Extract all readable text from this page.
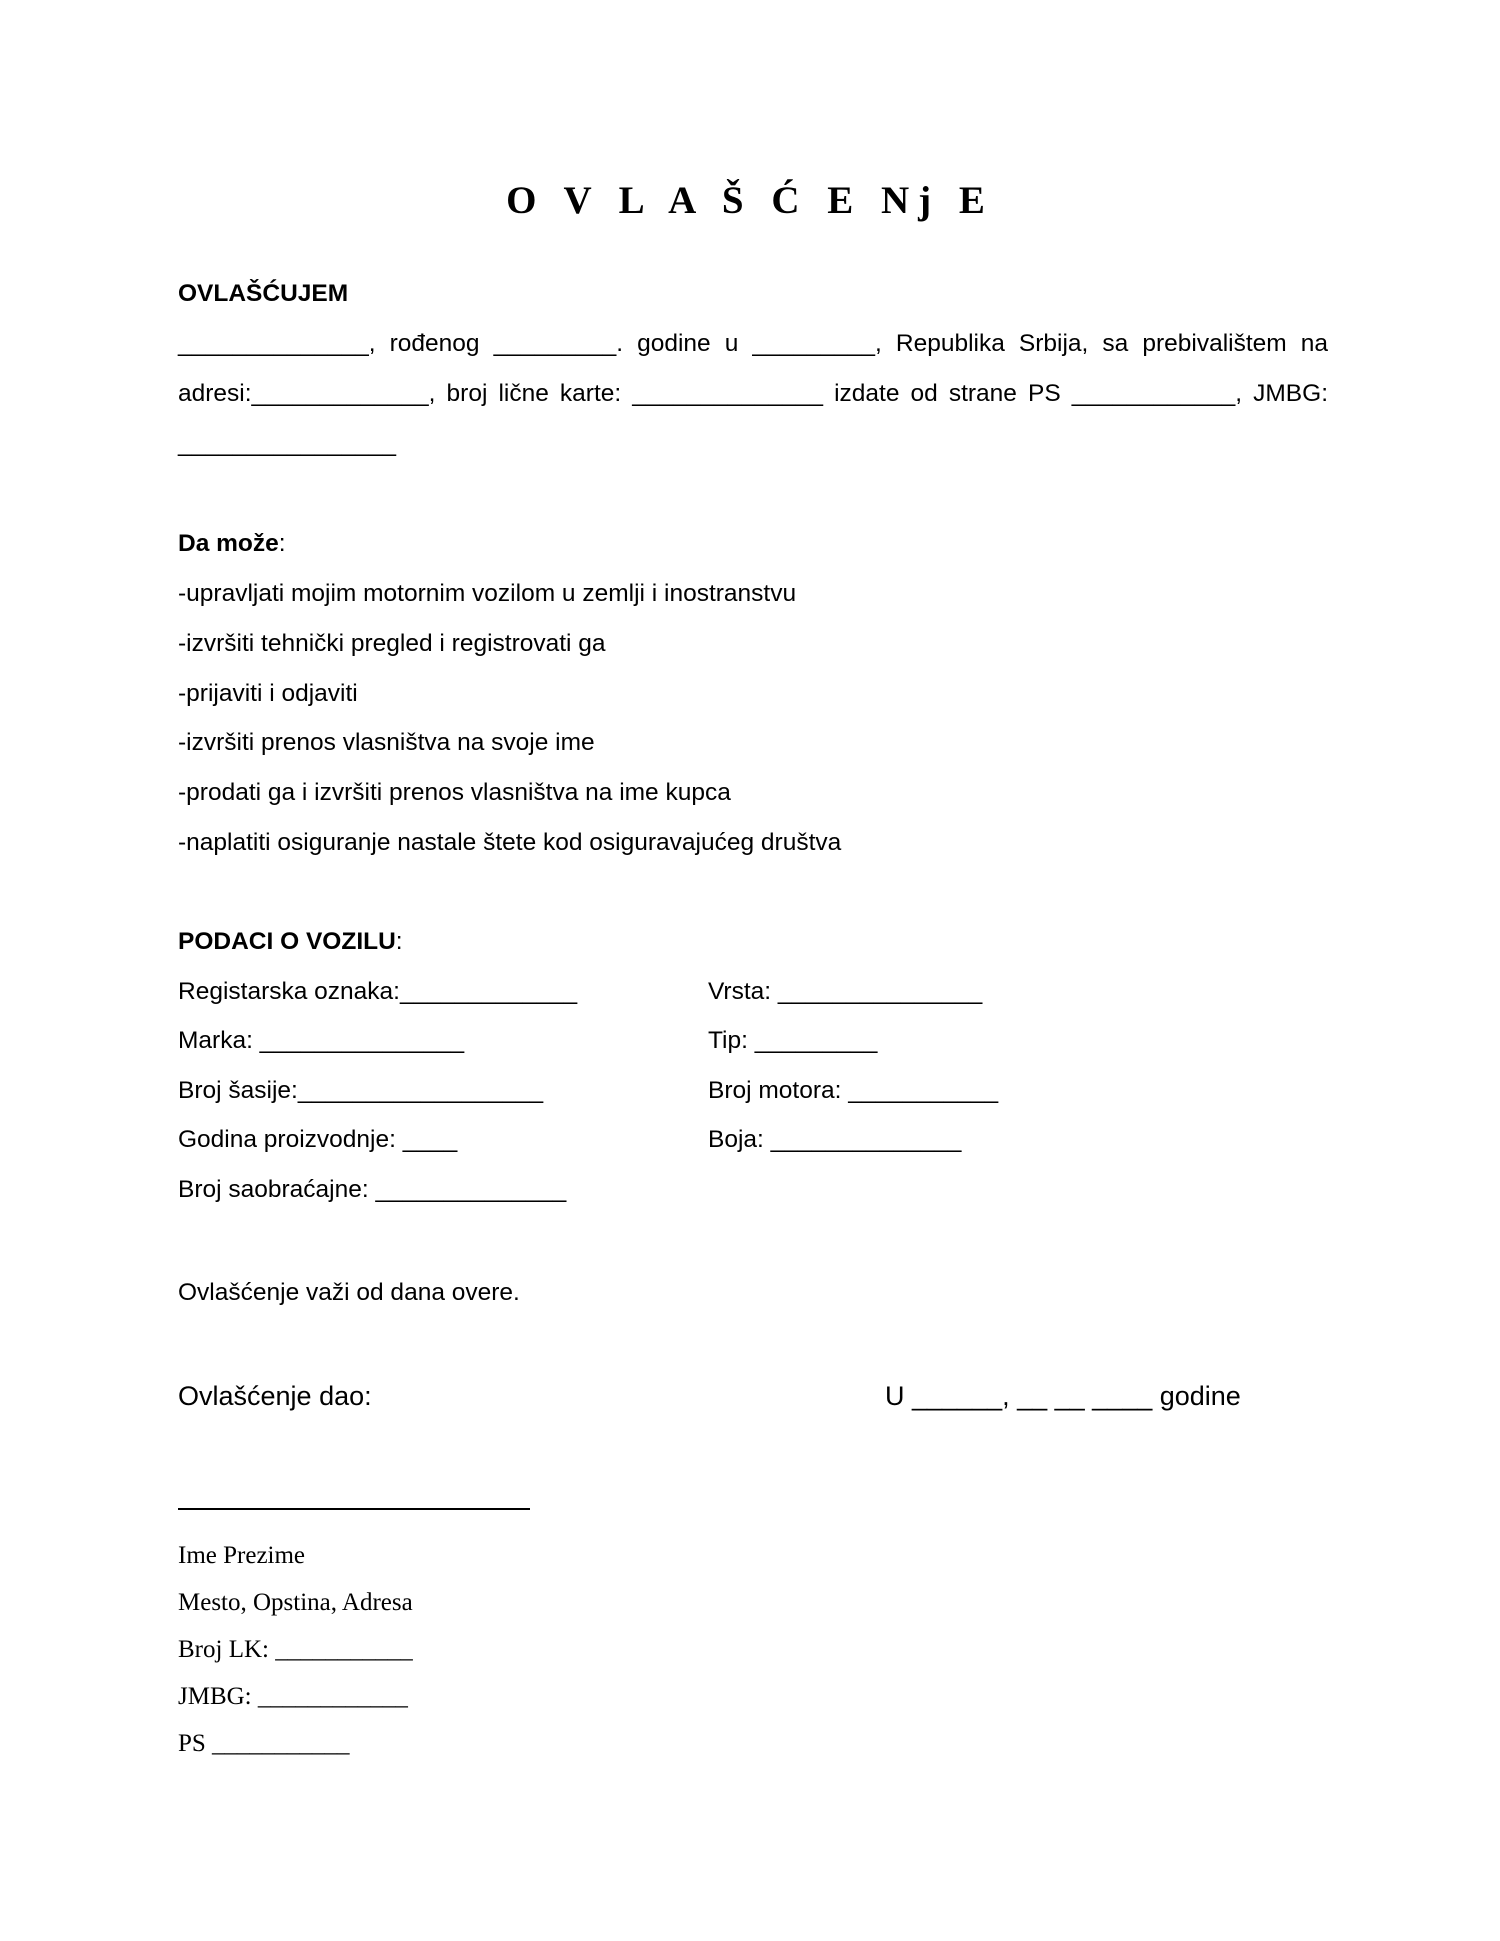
O V L A Š Ć E Nj E
OVLAŠĆUJEM
______________, rođenog _________. godine u _________, Republika Srbija, sa prebivalištem na
adresi:_____________, broj lične karte: ______________ izdate od strane PS ____________, JMBG:
________________
Da može:
-upravljati mojim motornim vozilom u zemlji i inostranstvu
-izvršiti tehnički pregled i registrovati ga
-prijaviti i odjaviti
-izvršiti prenos vlasništva na svoje ime
-prodati ga i izvršiti prenos vlasništva na ime kupca
-naplatiti osiguranje nastale štete kod osiguravajućeg društva
PODACI O VOZILU:
Registarska oznaka:_____________
Marka: _______________
Broj šasije:__________________
Godina proizvodnje: ____
Broj saobraćajne: ______________
Vrsta: _______________
Tip: _________
Broj motora: ___________
Boja: ______________
Ovlašćenje važi od dana overe.
Ovlašćenje dao:	U ______, __ __ ____ godine
Ime Prezime
Mesto, Opstina, Adresa
Broj LK: ___________
JMBG: ____________
PS ___________
